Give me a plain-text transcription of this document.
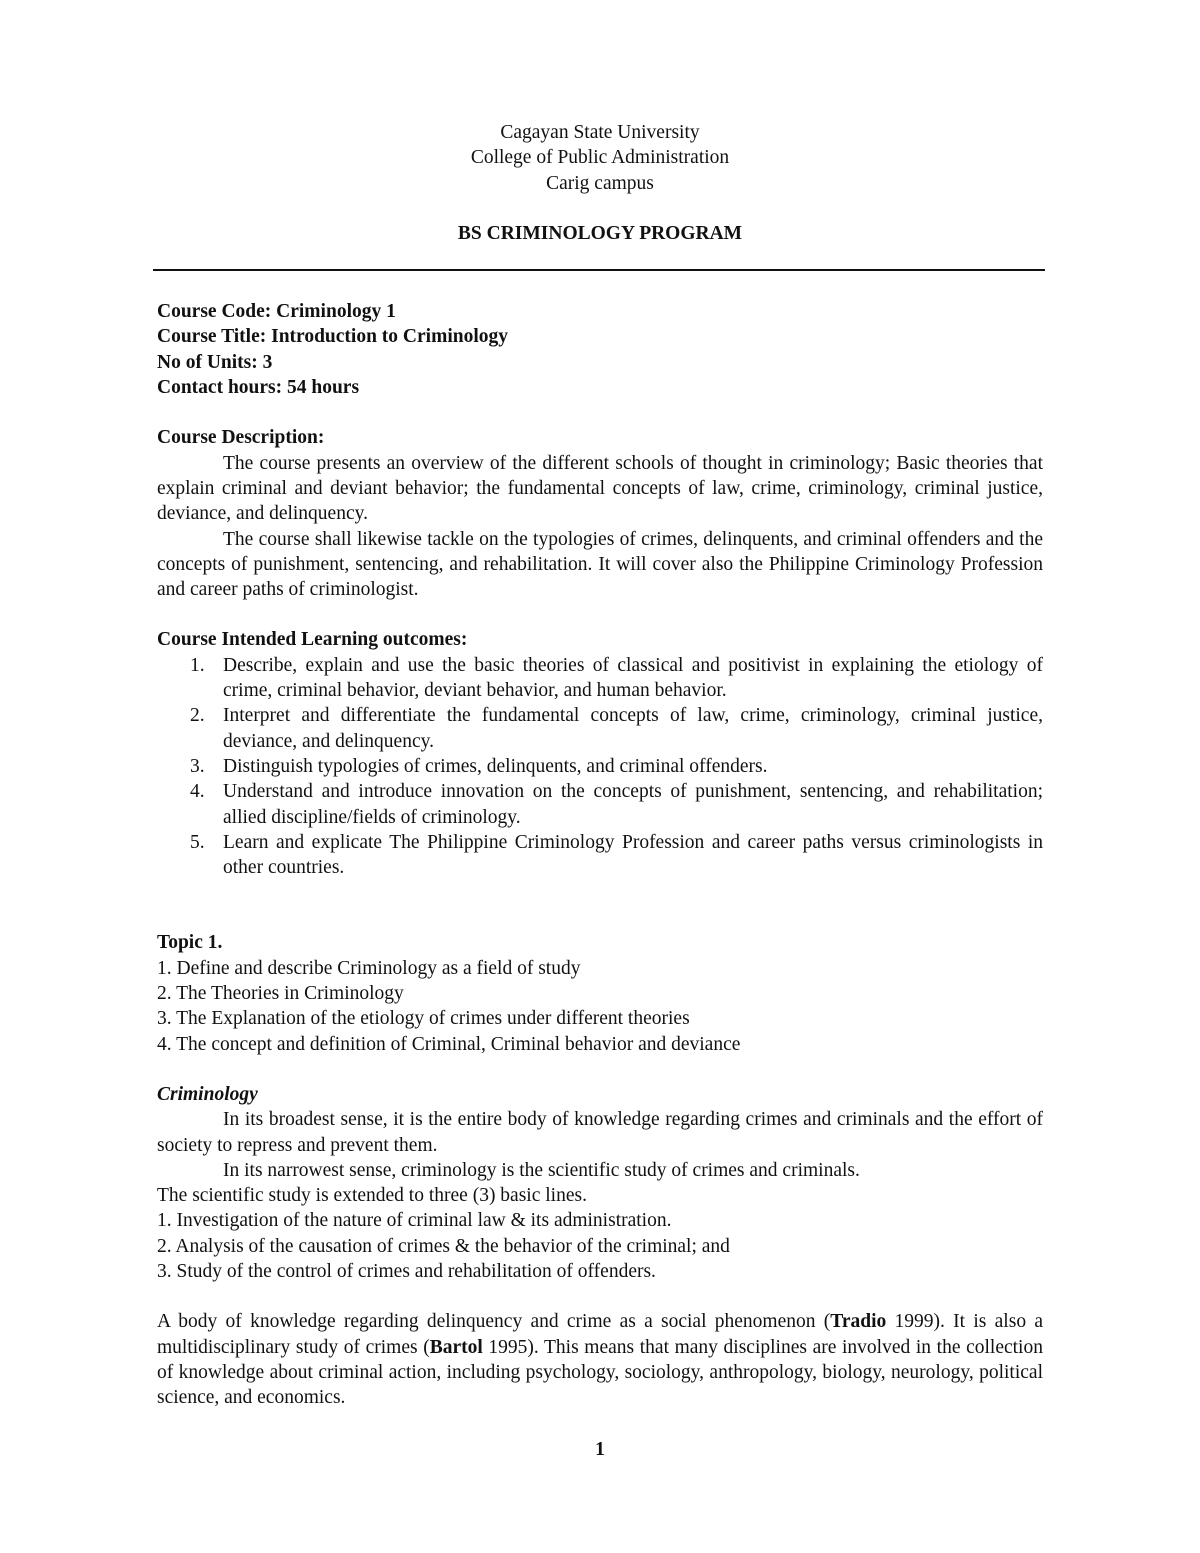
Cagayan State University
College of Public Administration
Carig campus
BS CRIMINOLOGY PROGRAM
Course Code: Criminology 1
Course Title: Introduction to Criminology
No of Units: 3
Contact hours: 54 hours
Course Description:

The course presents an overview of the different schools of thought in criminology; Basic theories that explain criminal and deviant behavior; the fundamental concepts of law, crime, criminology, criminal justice, deviance, and delinquency.

The course shall likewise tackle on the typologies of crimes, delinquents, and criminal offenders and the concepts of punishment, sentencing, and rehabilitation. It will cover also the Philippine Criminology Profession and career paths of criminologist.

Course Intended Learning outcomes:
1. Describe, explain and use the basic theories of classical and positivist in explaining the etiology of crime, criminal behavior, deviant behavior, and human behavior.
2. Interpret and differentiate the fundamental concepts of law, crime, criminology, criminal justice, deviance, and delinquency.
3. Distinguish typologies of crimes, delinquents, and criminal offenders.
4. Understand and introduce innovation on the concepts of punishment, sentencing, and rehabilitation; allied discipline/fields of criminology.
5. Learn and explicate The Philippine Criminology Profession and career paths versus criminologists in other countries.
Topic 1.
1. Define and describe Criminology as a field of study
2. The Theories in Criminology
3. The Explanation of the etiology of crimes under different theories
4. The concept and definition of Criminal, Criminal behavior and deviance
Criminology

In its broadest sense, it is the entire body of knowledge regarding crimes and criminals and the effort of society to repress and prevent them.

In its narrowest sense, criminology is the scientific study of crimes and criminals.

The scientific study is extended to three (3) basic lines.

1. Investigation of the nature of criminal law & its administration.
2. Analysis of the causation of crimes & the behavior of the criminal; and
3. Study of the control of crimes and rehabilitation of offenders.

A body of knowledge regarding delinquency and crime as a social phenomenon (Tradio 1999). It is also a multidisciplinary study of crimes (Bartol 1995). This means that many disciplines are involved in the collection of knowledge about criminal action, including psychology, sociology, anthropology, biology, neurology, political science, and economics.

1
